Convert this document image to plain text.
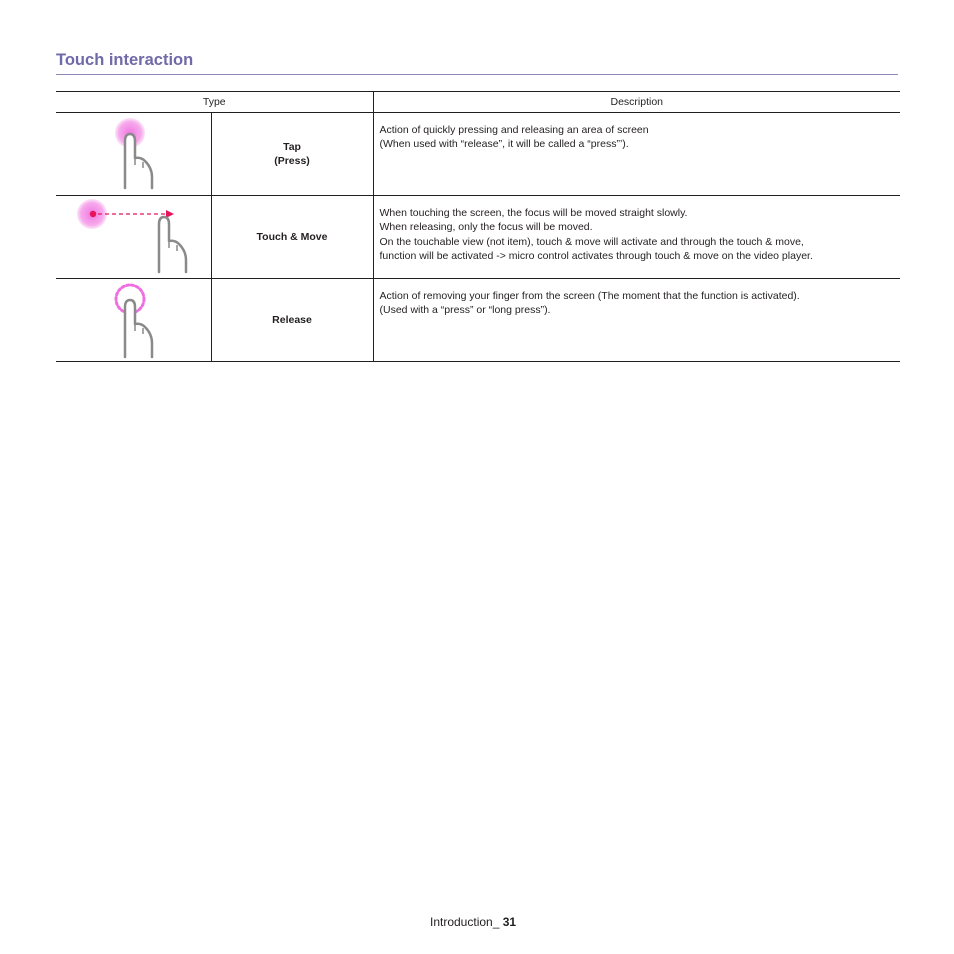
Touch interaction
Type		Description

Tap
(Press)	Action of quickly pressing and releasing an area of screen
(When used with “release”, it will be called a “press”’).

Touch & Move	When touching the screen, the focus will be moved straight slowly.
When releasing, only the focus will be moved.
On the touchable view (not item), touch & move will activate and through the touch & move,
function will be activated -> micro control activates through touch & move on the video player.

Release	Action of removing your finger from the screen (The moment that the function is activated).
(Used with a “press” or “long press”).
Introduction_ 31
